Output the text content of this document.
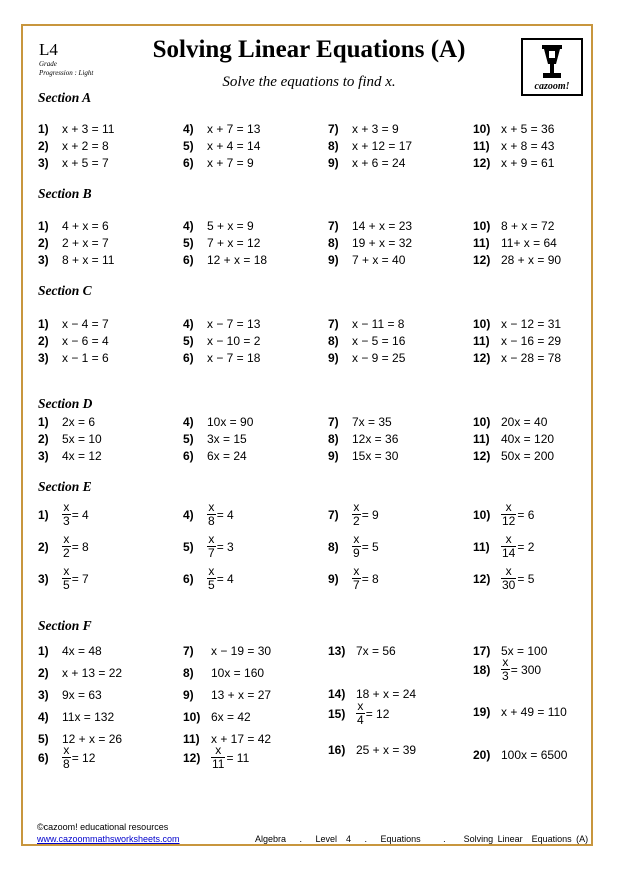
L4
Grade
Progression : Light
Solving Linear Equations (A)
Solve the equations to find x.	cazoom!
Section A
1)	x + 3 = 11
2)	x + 2 = 8
3)	x + 5 = 7
4)	x + 7 = 13
5)	x + 4 = 14
6)	x + 7 = 9
7)	x + 3 = 9
8)	x + 12 = 17
9)	x + 6 = 24
10) x + 5 = 36
11) x + 8 = 43
12) x + 9 = 61
Section B
1)	4 + x = 6
2)	2 + x = 7
3)	8 + x = 11
4)	5 + x = 9
5)	7 + x = 12
6)	12 + x = 18
7)	14 + x = 23
8)	19 + x = 32
9)	7 + x = 40
10) 8 + x = 72
11) 11+ x = 64
12) 28 + x = 90
Section C
1)	x − 4 = 7
2)	x − 6 = 4
3)	x − 1 = 6
4)	x − 7 = 13
5)	x − 10 = 2
6)	x − 7 = 18
7)	x − 11 = 8
8)	x − 5 = 16
9)	x − 9 = 25
10) x − 12 = 31
11) x − 16 = 29
12) x − 28 = 78
Section D
1)	2x = 6
2)	5x = 10
3)	4x = 12
4)	10x = 90
5)	3x = 15
6)	6x = 24
7)	7x = 35
8)	12x = 36
9)	15x = 30
10) 20x = 40
11) 40x = 120
12) 50x = 200
Section E
1)	$\frac{x}{3} = 4$
2)	$\frac{x}{2} = 8$
3)	$\frac{x}{5} = 7$
4)	$\frac{x}{8} = 4$
5)	$\frac{x}{7} = 3$
6)	$\frac{x}{5} = 4$
7)	$\frac{x}{2} = 9$
8)	$\frac{x}{9} = 5$
9)	$\frac{x}{7} = 8$
$10) \frac{x}{12} = 6$
$11) \frac{x}{14} = 2$
$12) \frac{x}{30} = 5$
Section F
1)	4x = 48
2)	x + 13 = 22
3)	9x = 63
4)	11x = 132
5)	12 + x = 26
6)	$\frac{x}{8} = 12$
7)	x − 19 = 30
8)	10x = 160
9)	13 + x = 27
10) 6x = 42
11) x + 17 = 42
$12) \frac{x}{11} = 11$
13) 7x = 56
14) 18 + x = 24
$15) \frac{x}{4} = 12$
16) 25 + x = 39
17) 5x = 100
$18) \frac{x}{3} = 300$
19) x + 49 = 110
20) 100x = 6500
©cazoom! educational resources
www.cazoommathsworksheets.com	Algebra   .   Level  4   .   Equations     .    Solving Linear  Equations (A)
